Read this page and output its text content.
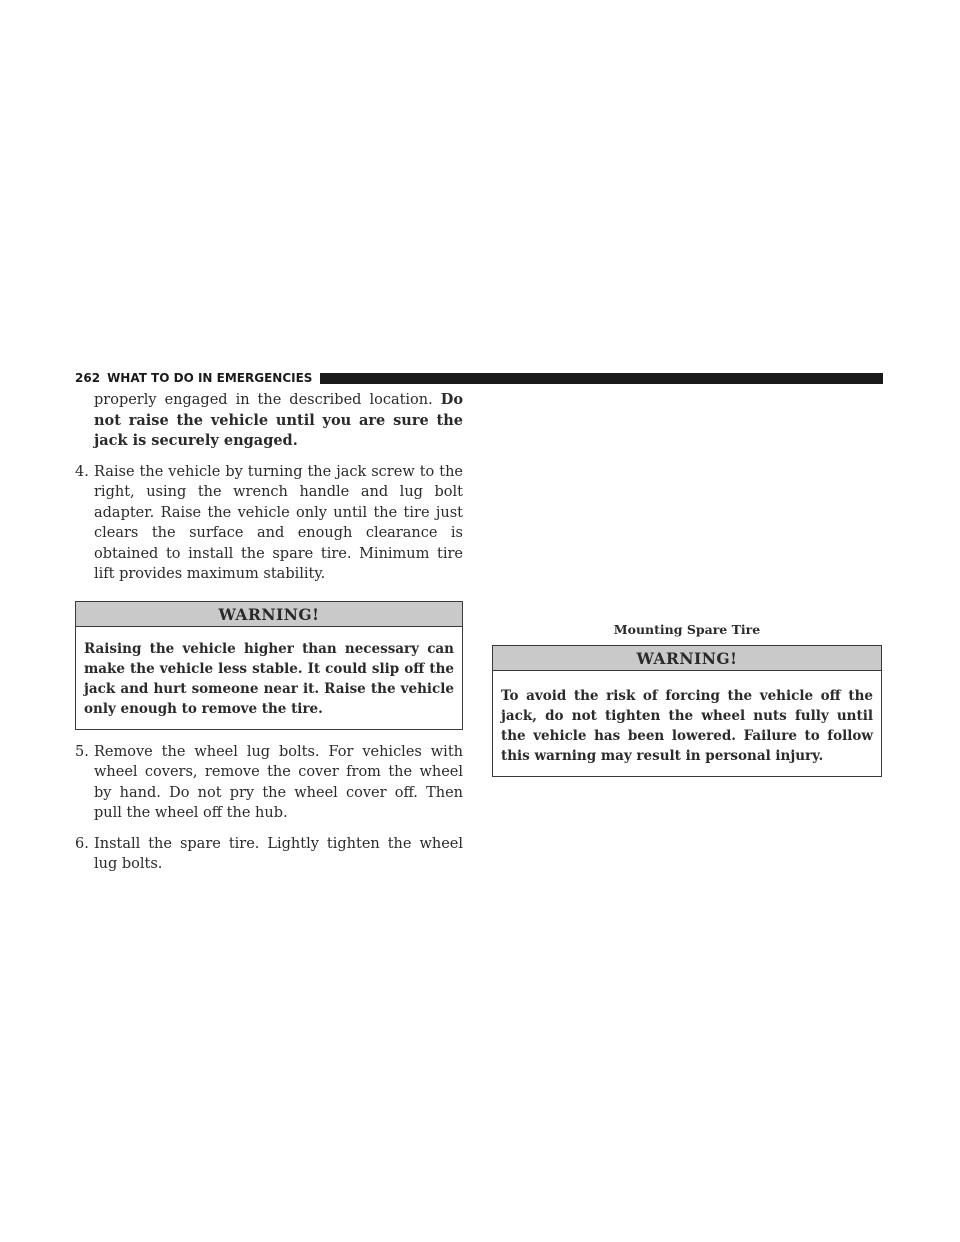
262 WHAT TO DO IN EMERGENCIES

properly engaged in the described location. Do not raise the vehicle until you are sure the jack is securely engaged.

4. Raise the vehicle by turning the jack screw to the right, using the wrench handle and lug bolt adapter. Raise the vehicle only until the tire just clears the surface and enough clearance is obtained to install the spare tire. Minimum tire lift provides maximum stability.
WARNING!
Raising the vehicle higher than necessary can make the vehicle less stable. It could slip off the jack and hurt someone near it. Raise the vehicle only enough to remove the tire.
5. Remove the wheel lug bolts. For vehicles with wheel covers, remove the cover from the wheel by hand. Do not pry the wheel cover off. Then pull the wheel off the hub.
6. Install the spare tire. Lightly tighten the wheel lug bolts.
Mounting Spare Tire
WARNING!
To avoid the risk of forcing the vehicle off the jack, do not tighten the wheel nuts fully until the vehicle has been lowered. Failure to follow this warning may result in personal injury.
